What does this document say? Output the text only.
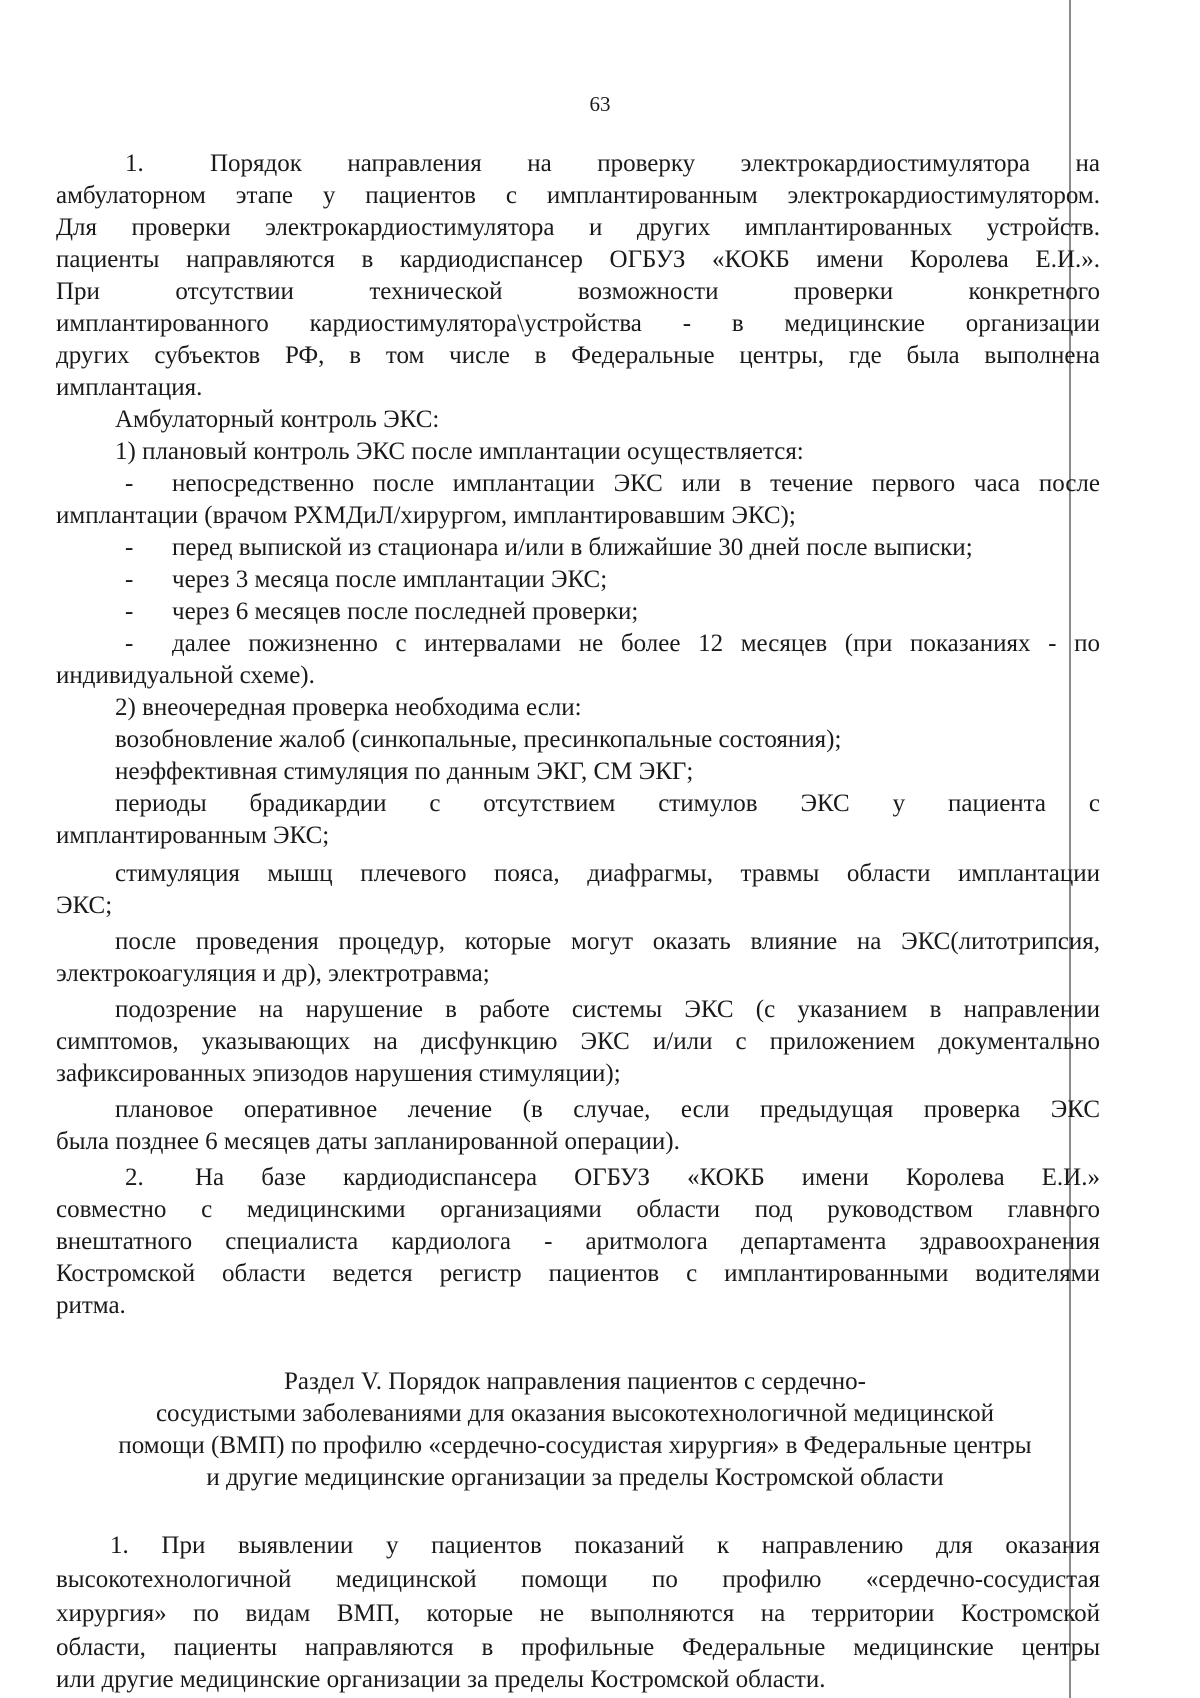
63
1.	Порядок направления на проверку электрокардиостимулятора на
амбулаторном этапе у пациентов с имплантированным электрокардиостимулятором.
Для проверки электрокардиостимулятора и других имплантированных устройств.
пациенты направляются в кардиодиспансер ОГБУЗ «КОКБ имени Королева Е.И.».
При отсутствии технической возможности проверки конкретного
имплантированного кардиостимулятора\устройства - в медицинские организации
других субъектов РФ, в том числе в Федеральные центры, где была выполнена
имплантация.
Амбулаторный контроль ЭКС:
1) плановый контроль ЭКС после имплантации осуществляется:
- непосредственно после имплантации ЭКС или в течение первого часа после
имплантации (врачом РХМДиЛ/хирургом, имплантировавшим ЭКС);
- перед выпиской из стационара и/или в ближайшие 30 дней после выписки;
- через 3 месяца после имплантации ЭКС;
- через 6 месяцев после последней проверки;
- далее пожизненно с интервалами не более 12 месяцев (при показаниях - по
индивидуальной схеме).
2) внеочередная проверка необходима если:
возобновление жалоб (синкопальные, пресинкопальные состояния);
неэффективная стимуляция по данным ЭКГ, СМ ЭКГ;
периоды брадикардии с отсутствием стимулов ЭКС у пациента с
имплантированным ЭКС;
стимуляция мышц плечевого пояса, диафрагмы, травмы области имплантации
ЭКС;
после проведения процедур, которые могут оказать влияние на ЭКС(литотрипсия,
электрокоагуляция и др), электротравма;
подозрение на нарушение в работе системы ЭКС (с указанием в направлении
симптомов, указывающих на дисфункцию ЭКС и/или с приложением документально
зафиксированных эпизодов нарушения стимуляции);
плановое оперативное лечение (в случае, если предыдущая проверка ЭКС
была позднее 6 месяцев даты запланированной операции).
2. На базе кардиодиспансера ОГБУЗ «КОКБ имени Королева Е.И.»
совместно с медицинскими организациями области под руководством главного
внештатного специалиста кардиолога - аритмолога департамента здравоохранения
Костромской области ведется регистр пациентов с имплантированными водителями
ритма.
Раздел V. Порядок направления пациентов с сердечно-
сосудистыми заболеваниями для оказания высокотехнологичной медицинской
помощи (ВМП) по профилю «сердечно-сосудистая хирургия» в Федеральные центры
и другие медицинские организации за пределы Костромской области
1. При выявлении у пациентов показаний к направлению для оказания
высокотехнологичной медицинской помощи по профилю «сердечно-сосудистая
хирургия» по видам ВМП, которые не выполняются на территории Костромской
области, пациенты направляются в профильные Федеральные медицинские центры
или другие медицинские организации за пределы Костромской области.
